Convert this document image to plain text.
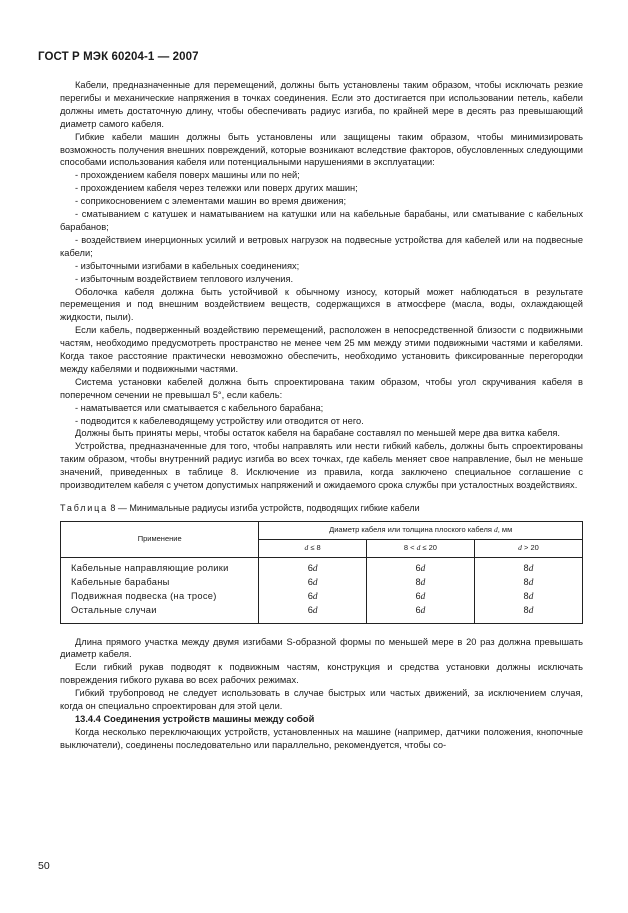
ГОСТ Р МЭК 60204-1 — 2007

Кабели, предназначенные для перемещений, должны быть установлены таким образом, чтобы исключать резкие перегибы и механические напряжения в точках соединения. Если это достигается при использовании петель, кабели должны иметь достаточную длину, чтобы обеспечивать радиус изгиба, по крайней мере в десять раз превышающий диаметр самого кабеля.

Гибкие кабели машин должны быть установлены или защищены таким образом, чтобы минимизировать возможность получения внешних повреждений, которые возникают вследствие факторов, обусловленных следующими способами использования кабеля или потенциальными нарушениями в эксплуатации:

- прохождением кабеля поверх машины или по ней;

- прохождением кабеля через тележки или поверх других машин;

- соприкосновением с элементами машин во время движения;

- сматыванием с катушек и наматыванием на катушки или на кабельные барабаны, или сматывание с кабельных барабанов;

- воздействием инерционных усилий и ветровых нагрузок на подвесные устройства для кабелей или на подвесные кабели;

- избыточными изгибами в кабельных соединениях;

- избыточным воздействием теплового излучения.

Оболочка кабеля должна быть устойчивой к обычному износу, который может наблюдаться в результате перемещения и под внешним воздействием веществ, содержащихся в атмосфере (масла, воды, охлаждающей жидкости, пыли).

Если кабель, подверженный воздействию перемещений, расположен в непосредственной близости с подвижными частям, необходимо предусмотреть пространство не менее чем 25 мм между этими подвижными частями и кабелями. Когда такое расстояние практически невозможно обеспечить, необходимо установить фиксированные перегородки между кабелями и подвижными частями.

Система установки кабелей должна быть спроектирована таким образом, чтобы угол скручивания кабеля в поперечном сечении не превышал 5°, если кабель:

- наматывается или сматывается с кабельного барабана;

- подводится к кабелеводящему устройству или отводится от него.

Должны быть приняты меры, чтобы остаток кабеля на барабане составлял по меньшей мере два витка кабеля.

Устройства, предназначенные для того, чтобы направлять или нести гибкий кабель, должны быть спроектированы таким образом, чтобы внутренний радиус изгиба во всех точках, где кабель меняет свое направление, был не меньше значений, приведенных в таблице 8. Исключение из правила, когда заключено специальное соглашение с производителем кабеля с учетом допустимых напряжений и ожидаемого срока службы при усталостных воздействиях.

Таблица 8 — Минимальные радиусы изгиба устройств, подводящих гибкие кабели

Применение	Диаметр кабеля или толщина плоского кабеля d, мм		
	d ≤ 8	8 < d ≤ 20	d > 20
Кабельные направляющие ролики	6d	6d	8d
Кабельные барабаны	6d	8d	8d
Подвижная подвеска (на тросе)	6d	6d	8d
Остальные случаи	6d	6d	8d

Длина прямого участка между двумя изгибами S-образной формы по меньшей мере в 20 раз должна превышать диаметр кабеля.

Если гибкий рукав подводят к подвижным частям, конструкция и средства установки должны исключать повреждения гибкого рукава во всех рабочих режимах.

Гибкий трубопровод не следует использовать в случае быстрых или частых движений, за исключением случая, когда он специально спроектирован для этой цели.

13.4.4 Соединения устройств машины между собой

Когда несколько переключающих устройств, установленных на машине (например, датчики положения, кнопочные выключатели), соединены последовательно или параллельно, рекомендуется, чтобы со-

50
